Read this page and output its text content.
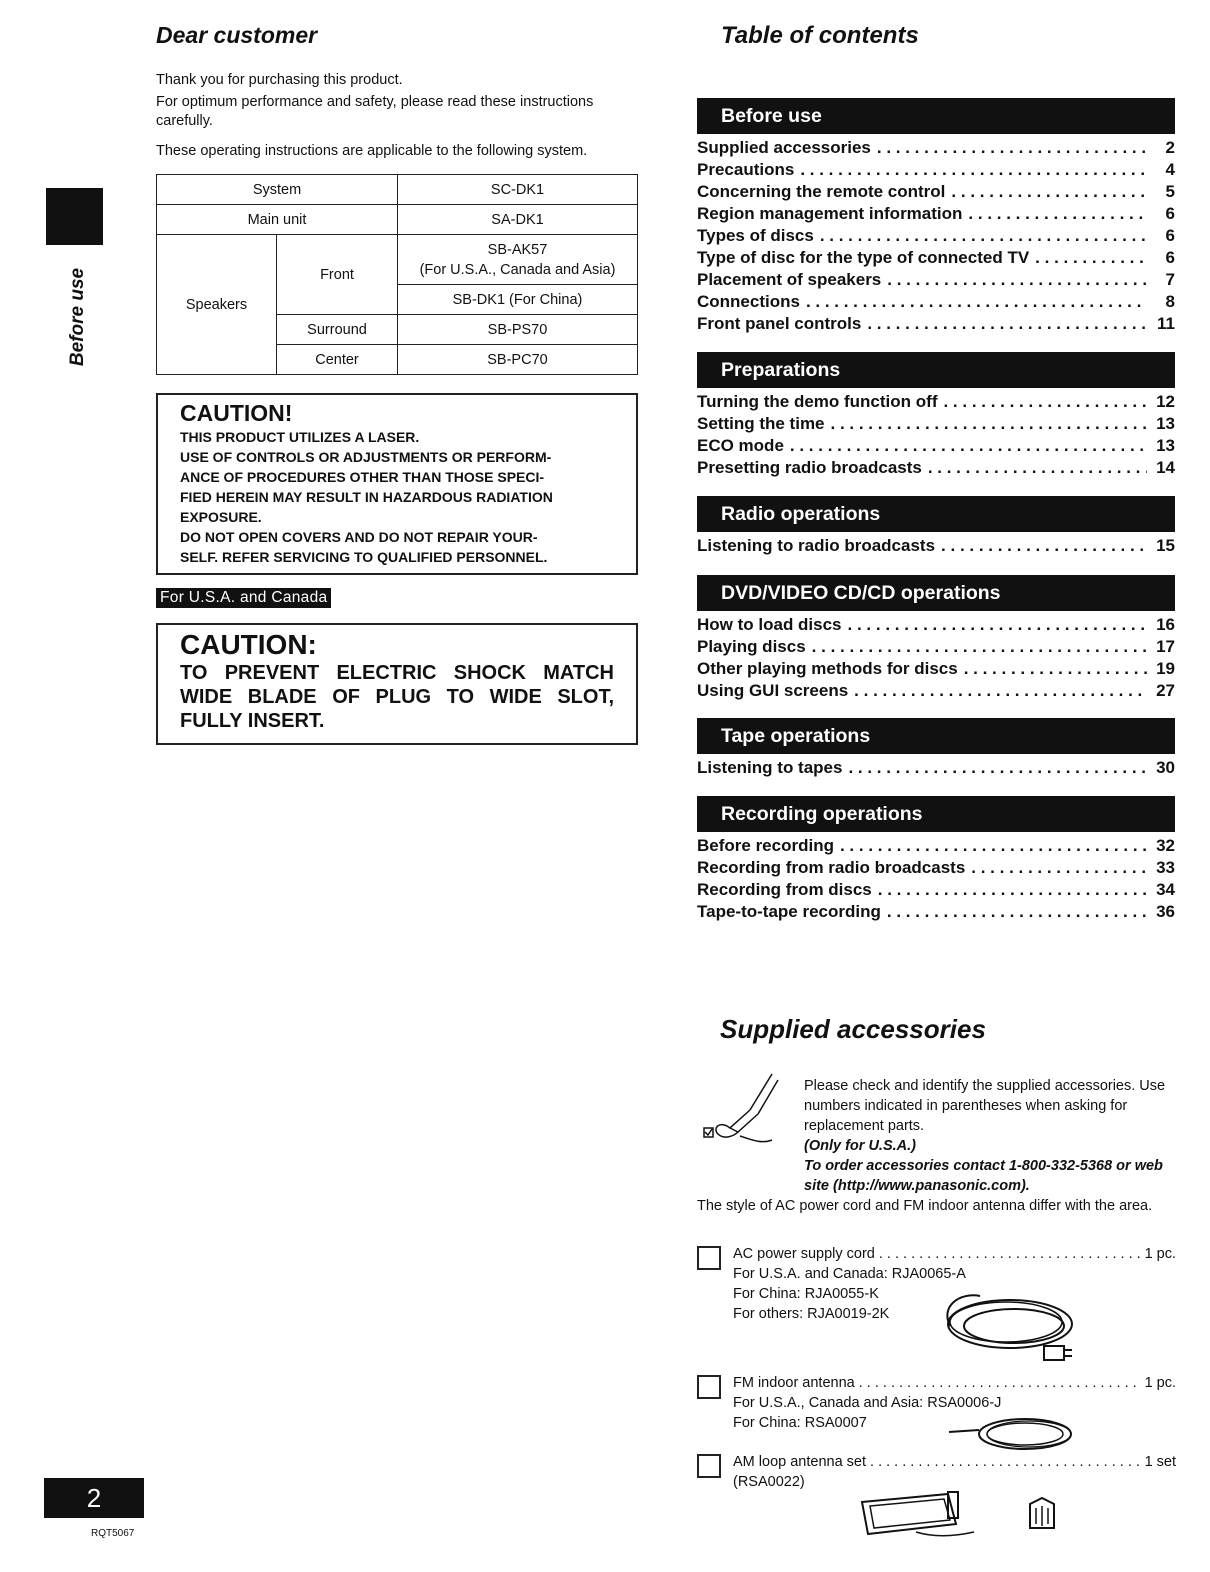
Before use
Dear customer

Thank you for purchasing this product.

For optimum performance and safety, please read these instructions carefully.

These operating instructions are applicable to the following system.

System		SC-DK1
Main unit		SA-DK1
Speakers	Front	SB-AK57
(For U.S.A., Canada and Asia)

		SB-DK1 (For China)
	Surround	SB-PS70
	Center	SB-PC70
CAUTION!
THIS PRODUCT UTILIZES A LASER.
USE OF CONTROLS OR ADJUSTMENTS OR PERFORM-
ANCE OF PROCEDURES OTHER THAN THOSE SPECI-
FIED HEREIN MAY RESULT IN HAZARDOUS RADIATION
EXPOSURE.
DO NOT OPEN COVERS AND DO NOT REPAIR YOUR-
SELF. REFER SERVICING TO QUALIFIED PERSONNEL.
For U.S.A. and Canada
CAUTION:
TO PREVENT ELECTRIC SHOCK MATCH WIDE BLADE OF PLUG TO WIDE SLOT, FULLY INSERT.
Table of contents
Before use
Supplied accessories . . .	2
Precautions . . .	4
Concerning the remote control . . .	5
Region management information . . .	6
Types of discs . . .	6
Type of disc for the type of connected TV . . .	6
Placement of speakers . . .	7
Connections . . .	8
Front panel controls . . .	11
Preparations
Turning the demo function off . . .	12
Setting the time . . .	13
ECO mode . . .	13
Presetting radio broadcasts . . .	14
Radio operations
Listening to radio broadcasts . . .	15
DVD/VIDEO CD/CD operations
How to load discs . . .	16
Playing discs . . .	17
Other playing methods for discs . . .	19
Using GUI screens . . .	27
Tape operations
Listening to tapes . . .	30
Recording operations
Before recording . . .	32
Recording from radio broadcasts . . .	33
Recording from discs . . .	34
Tape-to-tape recording . . .	36
Supplied accessories
Please check and identify the supplied accessories. Use numbers indicated in parentheses when asking for replacement parts.
(Only for U.S.A.)
To order accessories contact 1-800-332-5368 or web site (http://www.panasonic.com).
The style of AC power cord and FM indoor antenna differ with the area.
AC power supply cord . . .	1 pc.
For U.S.A. and Canada: RJA0065-A
For China: RJA0055-K
For others: RJA0019-2K
FM indoor antenna . . .	1 pc.
For U.S.A., Canada and Asia: RSA0006-J
For China: RSA0007
AM loop antenna set . . .	1 set
(RSA0022)
2
RQT5067
